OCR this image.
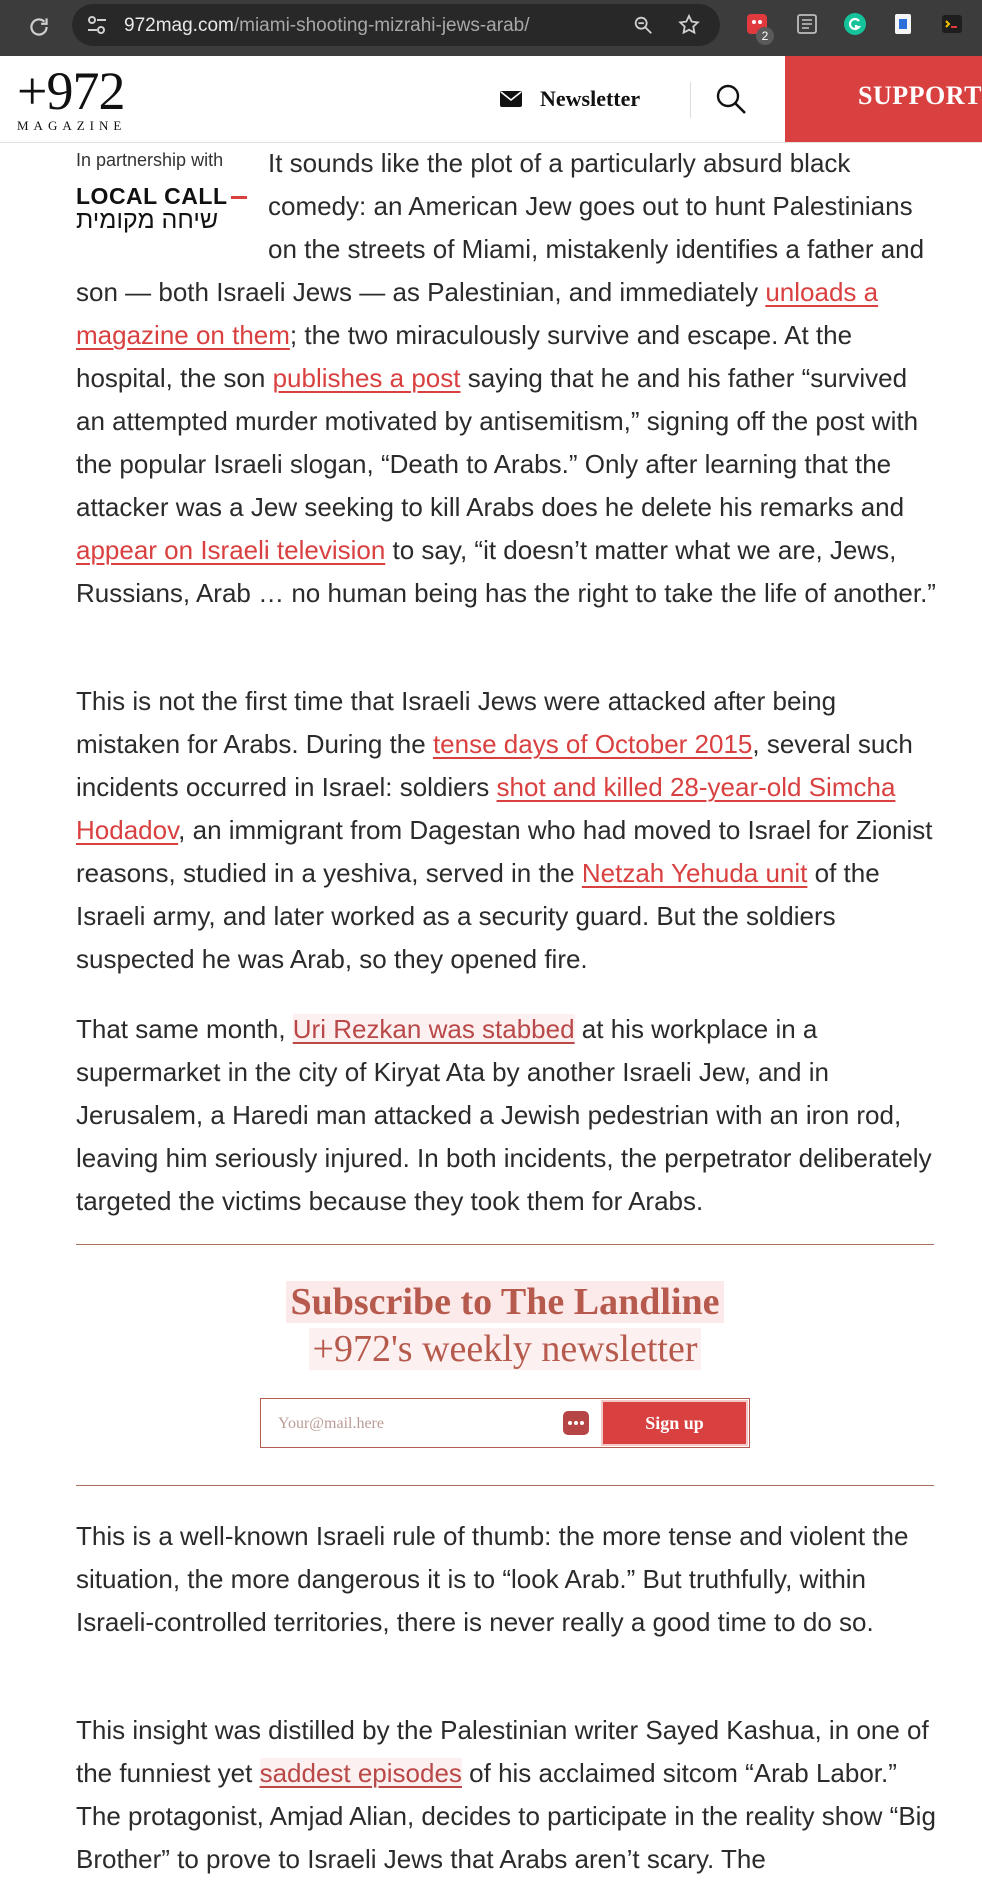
972mag.com/miami-shooting-mizrahi-jews-arab/	2
+972
MAGAZINE
Newsletter	SUPPORT
In partnership with
LOCAL CALL
שיחה מקומית

It sounds like the plot of a particularly absurd black comedy: an American Jew goes out to hunt Palestinians on the streets of Miami, mistakenly identifies a father and son — both Israeli Jews — as Palestinian, and immediately unloads a magazine on them; the two miraculously survive and escape. At the hospital, the son publishes a post saying that he and his father “survived an attempted murder motivated by antisemitism,” signing off the post with the popular Israeli slogan, “Death to Arabs.” Only after learning that the attacker was a Jew seeking to kill Arabs does he delete his remarks and appear on Israeli television to say, “it doesn’t matter what we are, Jews, Russians, Arab … no human being has the right to take the life of another.”

This is not the first time that Israeli Jews were attacked after being mistaken for Arabs. During the tense days of October 2015, several such incidents occurred in Israel: soldiers shot and killed 28-year-old Simcha Hodadov, an immigrant from Dagestan who had moved to Israel for Zionist reasons, studied in a yeshiva, served in the Netzah Yehuda unit of the Israeli army, and later worked as a security guard. But the soldiers suspected he was Arab, so they opened fire.

That same month, Uri Rezkan was stabbed at his workplace in a supermarket in the city of Kiryat Ata by another Israeli Jew, and in Jerusalem, a Haredi man attacked a Jewish pedestrian with an iron rod, leaving him seriously injured. In both incidents, the perpetrator deliberately targeted the victims because they took them for Arabs.

Subscribe to The Landline
+972's weekly newsletter
Your@mail.here
Sign up

This is a well-known Israeli rule of thumb: the more tense and violent the situation, the more dangerous it is to “look Arab.” But truthfully, within Israeli-controlled territories, there is never really a good time to do so.

This insight was distilled by the Palestinian writer Sayed Kashua, in one of the funniest yet saddest episodes of his acclaimed sitcom “Arab Labor.” The protagonist, Amjad Alian, decides to participate in the reality show “Big Brother” to prove to Israeli Jews that Arabs aren’t scary. The
